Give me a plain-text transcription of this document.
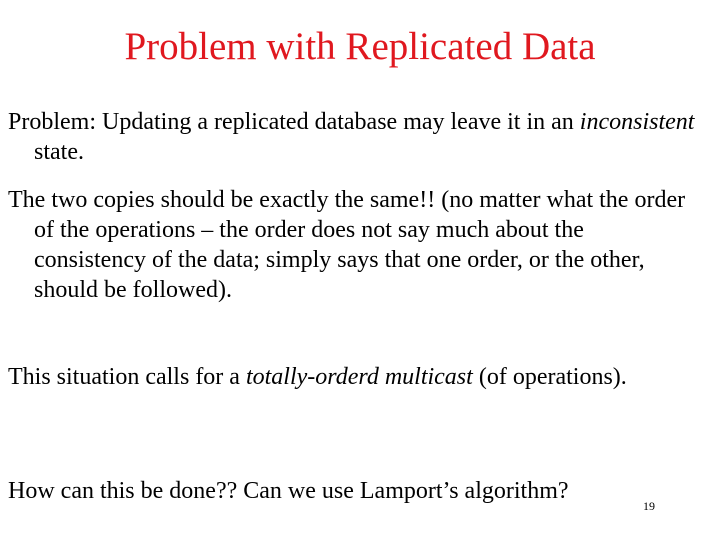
Problem with Replicated Data
Problem: Updating a replicated database may leave it in an inconsistent state.
The two copies should be exactly the same!! (no matter what the order of the operations – the order does not say much about the consistency of the data; simply says that one order, or the other, should be followed).
This situation calls for a totally-orderd multicast (of operations).
How can this be done?? Can we use Lamport’s algorithm?
19
